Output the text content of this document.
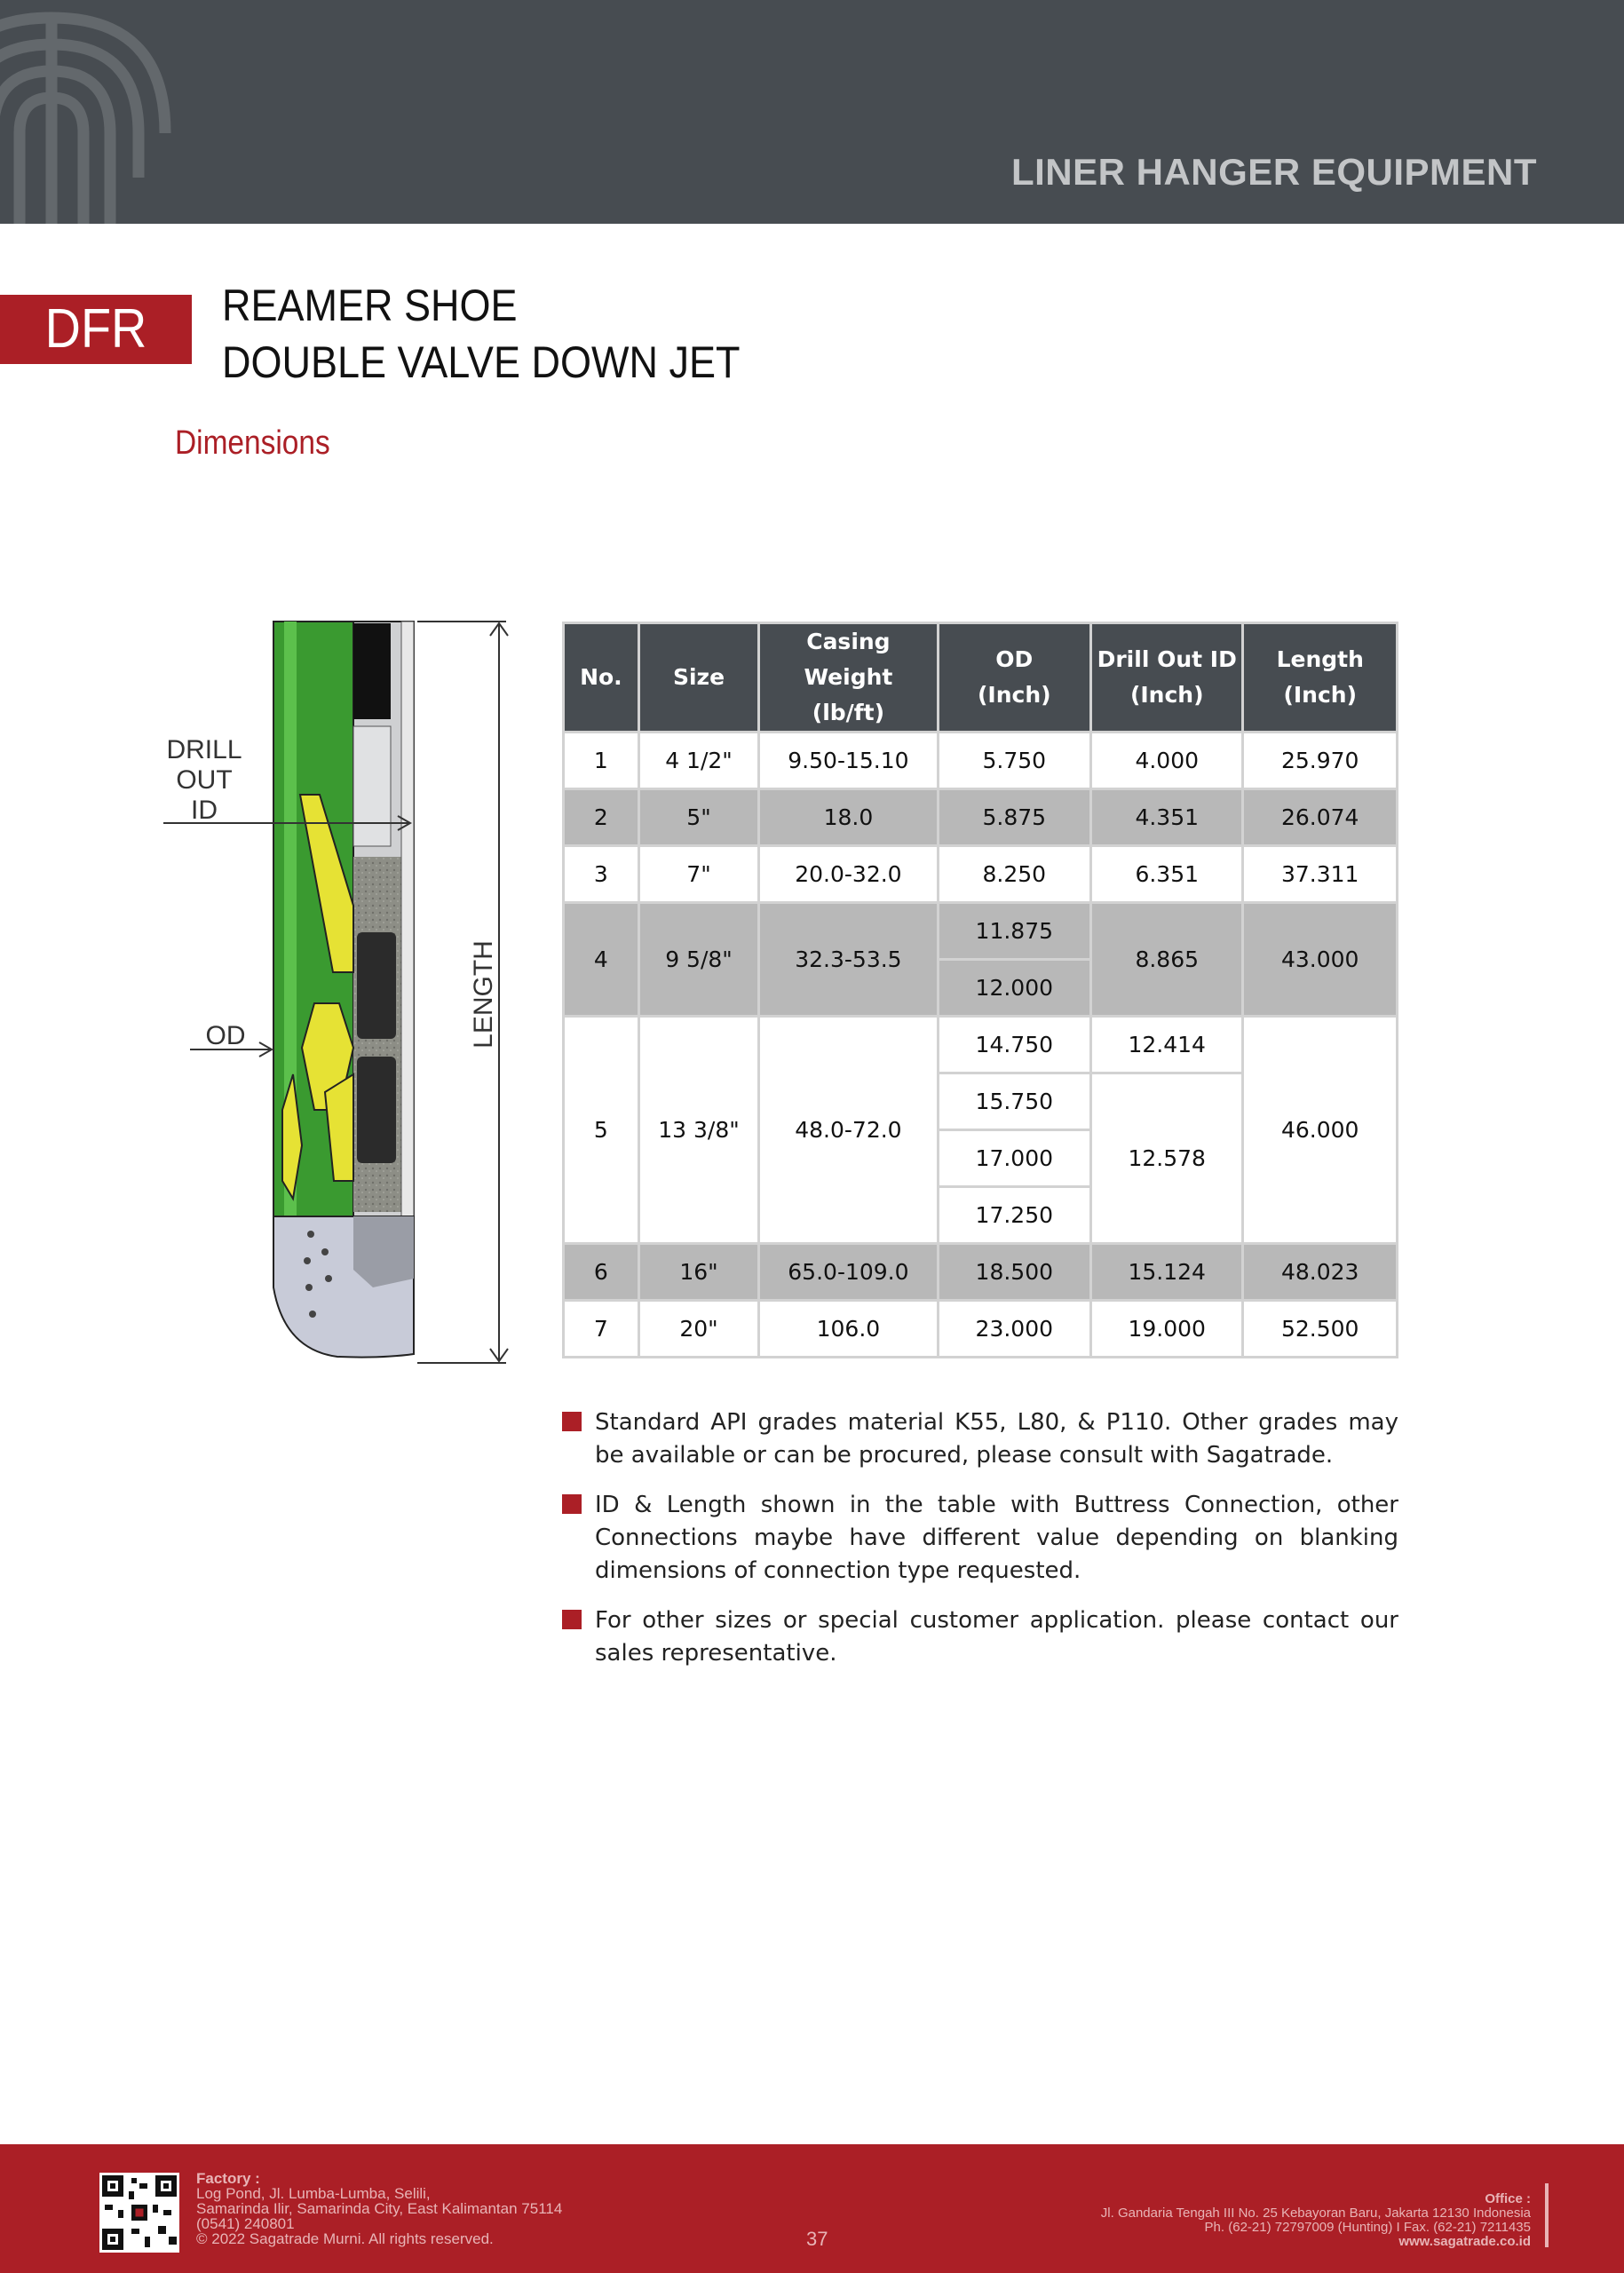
LINER HANGER EQUIPMENT
DFR	REAMER SHOE
DOUBLE VALVE DOWN JET
Dimensions
DRILL
OUT
ID
OD	LENGTH
No.	Size	Casing Weight
(lb/ft)	OD
(Inch)	Drill Out ID
(Inch)	Length
(Inch)
1	4 1/2"	9.50-15.10	5.750	4.000	25.970
2	5"	18.0	5.875	4.351	26.074
3	7"	20.0-32.0	8.250	6.351	37.311
4	9 5/8"	32.3-53.5	11.875	8.865	43.000
			12.000		
5	13 3/8"	48.0-72.0	14.750	12.414	46.000
			15.750	12.578	
			17.000		
			17.250		
6	16"	65.0-109.0	18.500	15.124	48.023
7	20"	106.0	23.000	19.000	52.500
Standard API grades material K55, L80, & P110. Other grades may be available or can be procured, please consult with Sagatrade.
ID & Length shown in the table with Buttress Connection, other Connections maybe have different value depending on blanking dimensions of connection type requested.
For other sizes or special customer application. please contact our sales representative.
Factory :
Log Pond, Jl. Lumba-Lumba, Selili,
Samarinda Ilir, Samarinda City, East Kalimantan 75114
(0541) 240801
© 2022 Sagatrade Murni. All rights reserved.	37
Office :
Jl. Gandaria Tengah III No. 25 Kebayoran Baru, Jakarta 12130 Indonesia
Ph. (62-21) 72797009 (Hunting) I Fax. (62-21) 7211435
www.sagatrade.co.id
